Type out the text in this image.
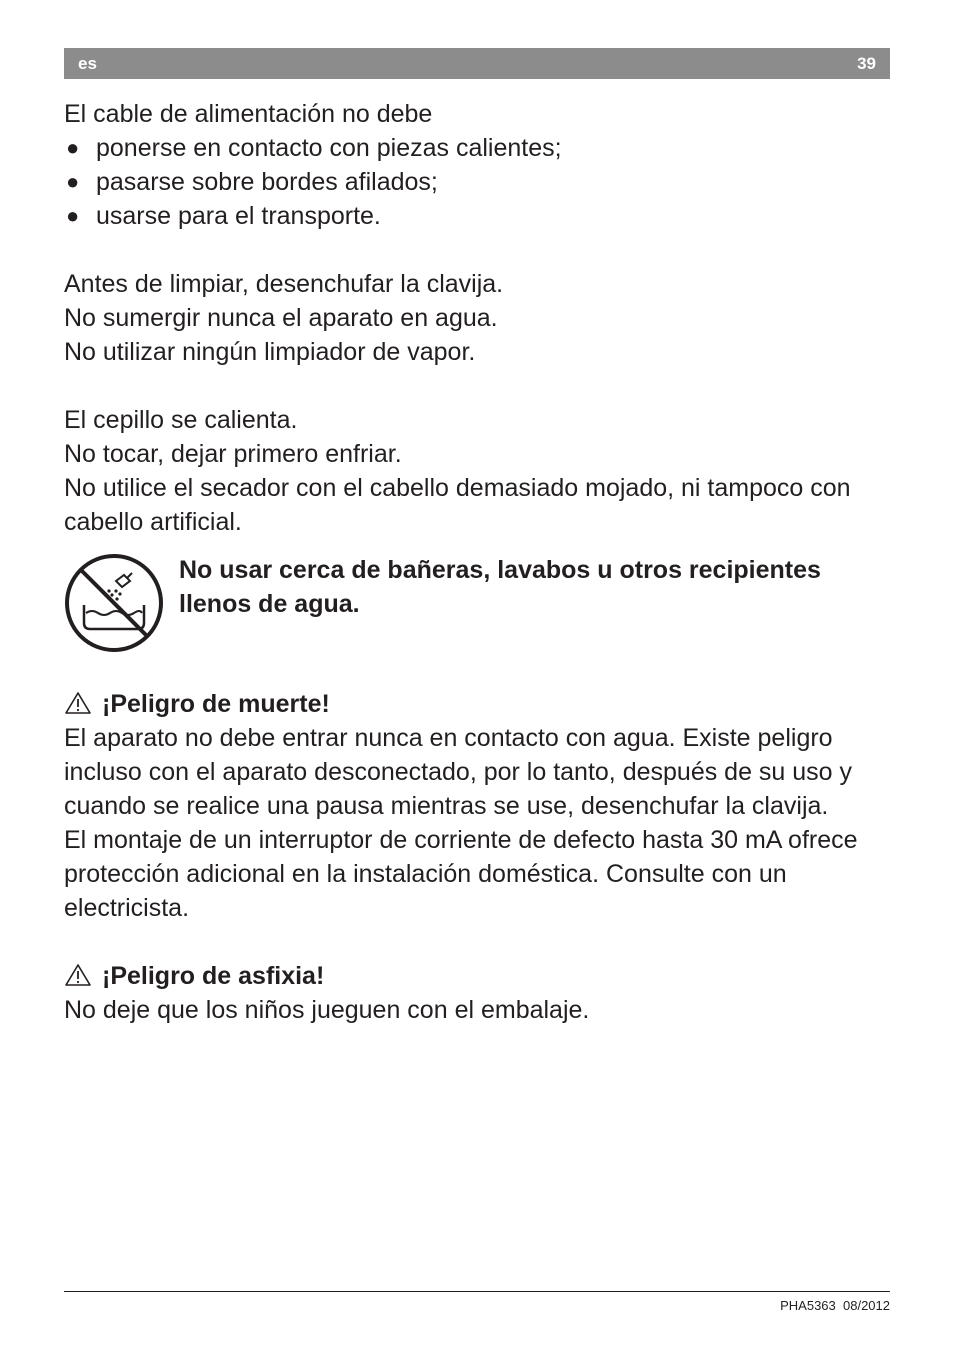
es	39

El cable de alimentación no debe

● ponerse en contacto con piezas calientes;
● pasarse sobre bordes afilados;
● usarse para el transporte.

Antes de limpiar, desenchufar la clavija.

No sumergir nunca el aparato en agua.

No utilizar ningún limpiador de vapor.

El cepillo se calienta.

No tocar, dejar primero enfriar.

No utilice el secador con el cabello demasiado mojado, ni tampoco con cabello artificial.

No usar cerca de bañeras, lavabos u otros recipientes
llenos de agua.

¡Peligro de muerte!

El aparato no debe entrar nunca en contacto con agua. Existe peligro incluso con el aparato desconectado, por lo tanto, después de su uso y cuando se realice una pausa mientras se use, desenchufar la clavija.

El montaje de un interruptor de corriente de defecto hasta 30 mA ofrece protección adicional en la instalación doméstica. Consulte con un electricista.

¡Peligro de asfixia!

No deje que los niños jueguen con el embalaje.

PHA5363 08/2012
